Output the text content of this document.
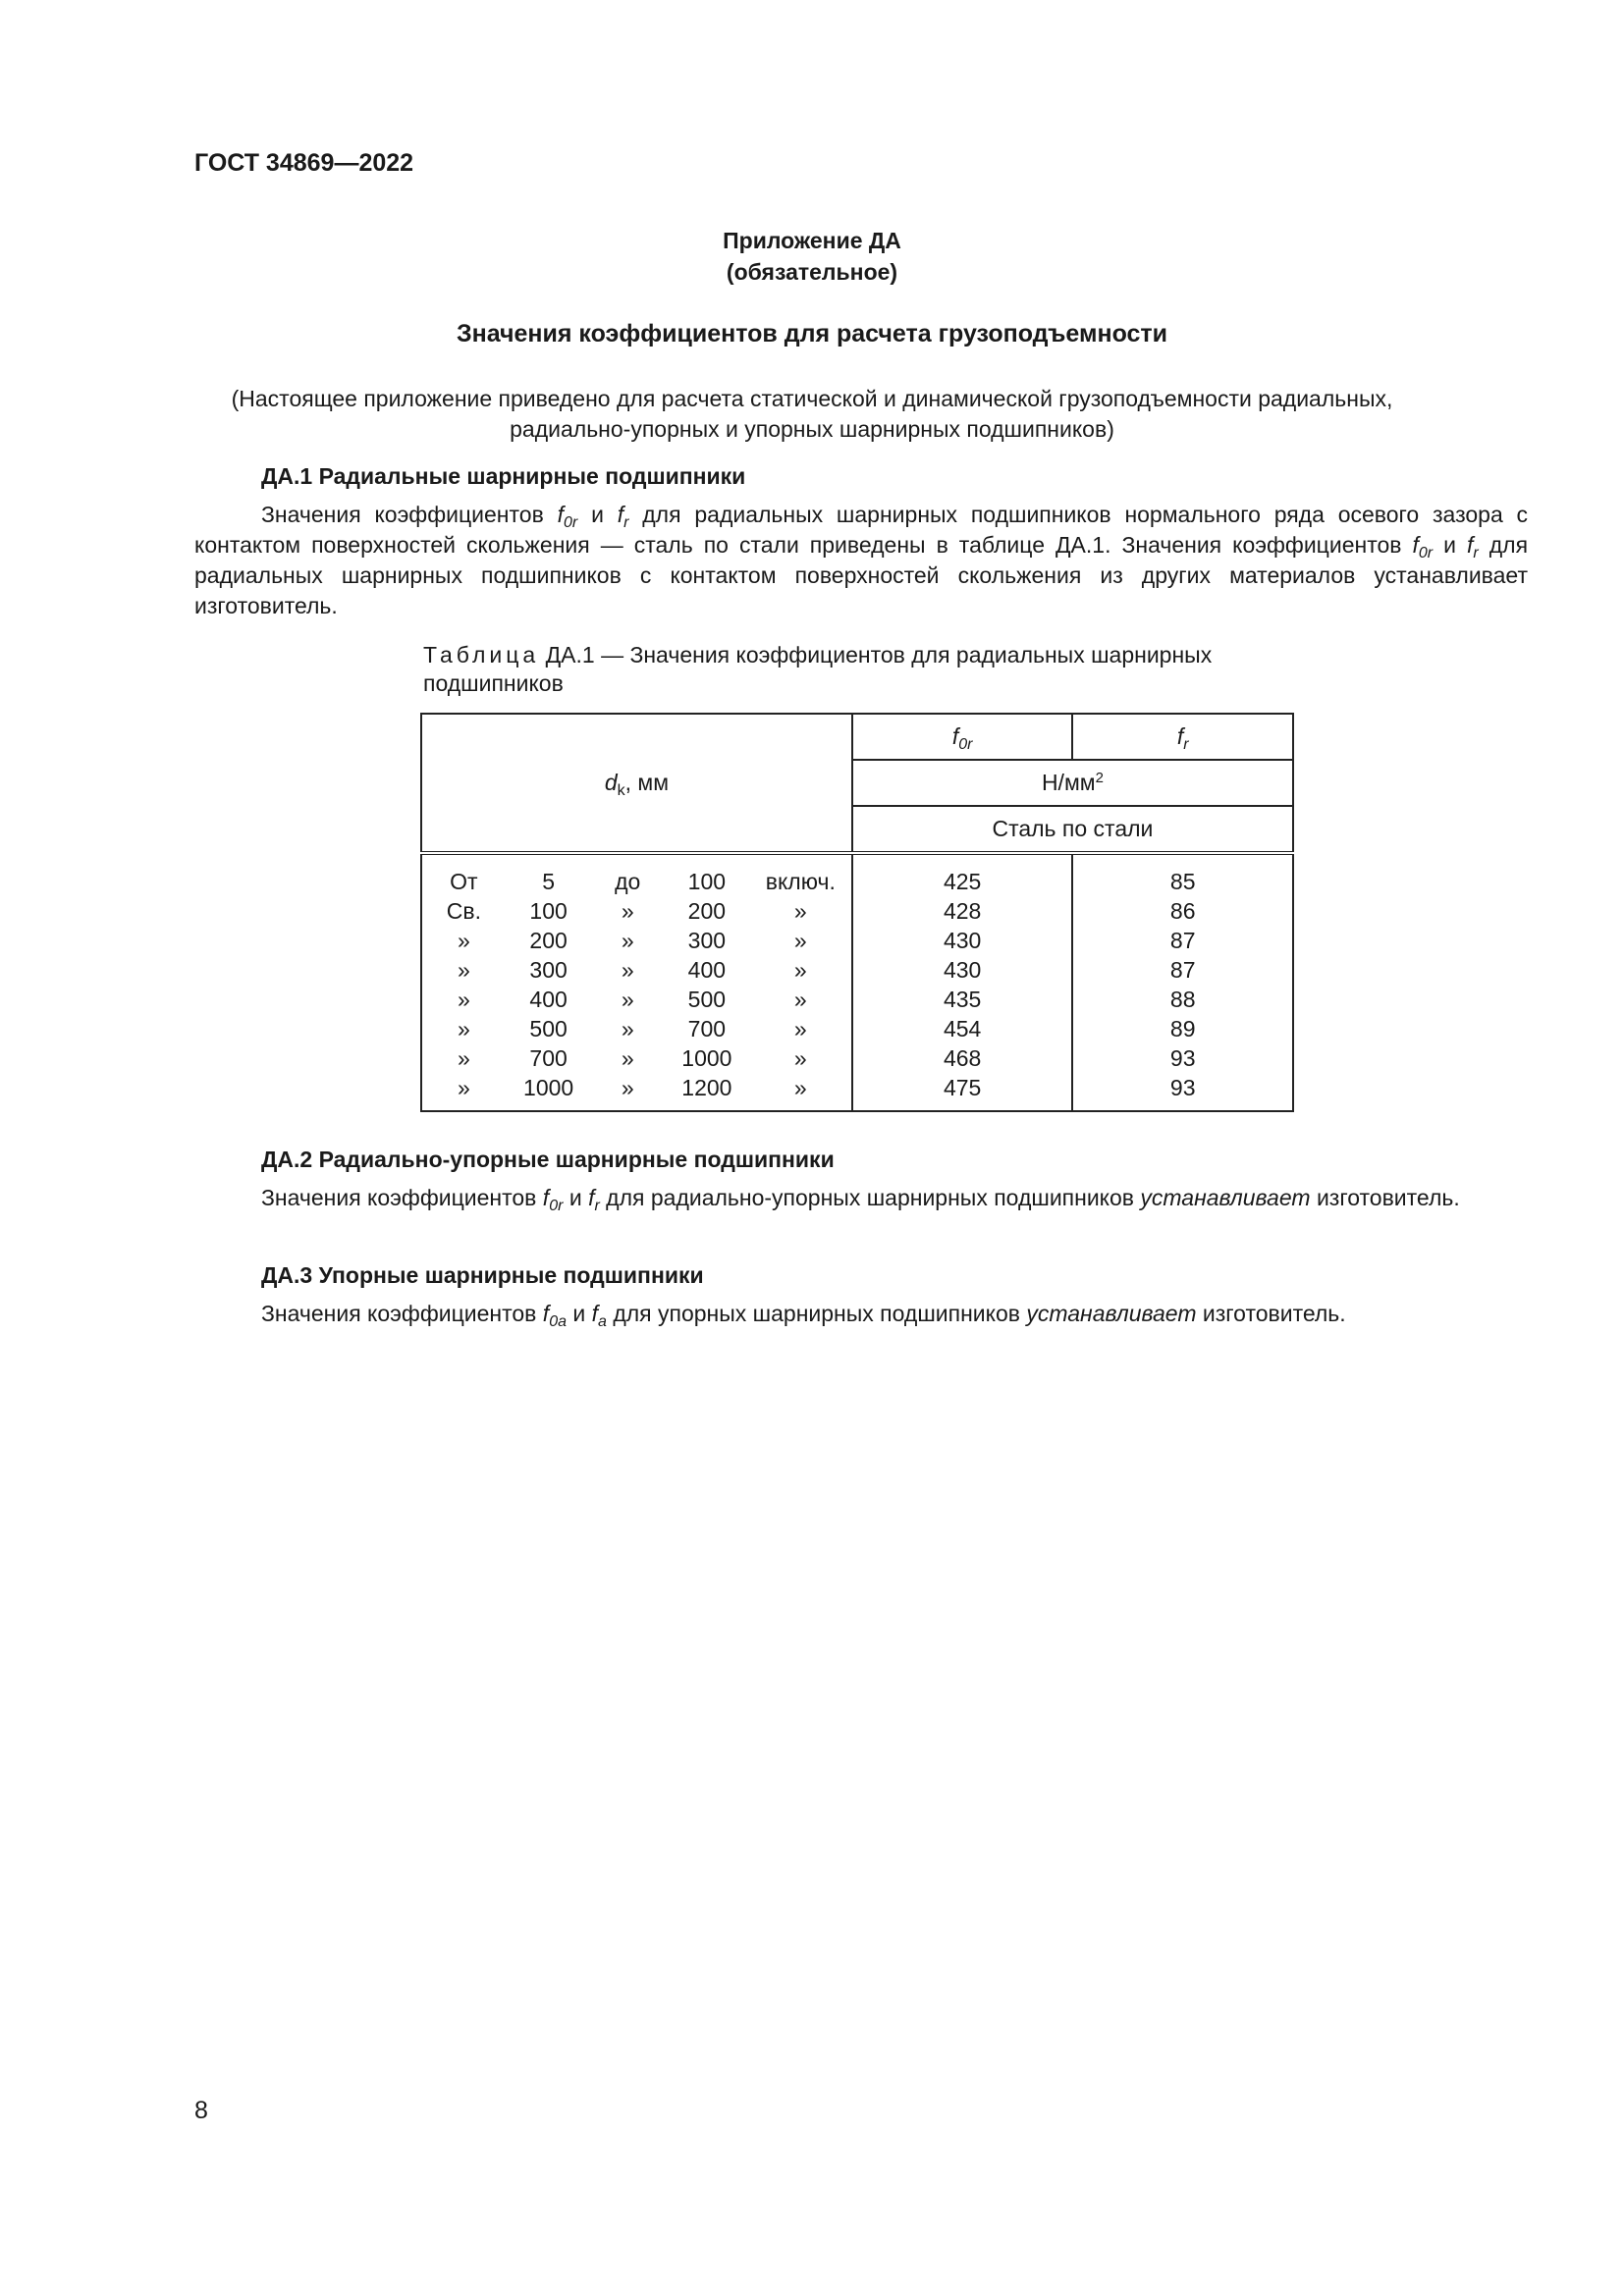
ГОСТ 34869—2022
Приложение ДА
(обязательное)
Значения коэффициентов для расчета грузоподъемности
(Настоящее приложение приведено для расчета статической и динамической грузоподъемности радиальных,
радиально-упорных и упорных шарнирных подшипников)
ДА.1 Радиальные шарнирные подшипники
Значения коэффициентов $f_{0r}$ и $f_r$ для радиальных шарнирных подшипников нормального ряда осевого зазора с контактом поверхностей скольжения — сталь по стали приведены в таблице ДА.1. Значения коэффициентов $f_{0r}$ и $f_r$ для радиальных шарнирных подшипников с контактом поверхностей скольжения из других материалов устанавливает изготовитель.
Таблица ДА.1 — Значения коэффициентов для радиальных шарнирных подшипников
$d_k$, мм					$f_{0r}$	$f_r$
					$Н/мм^2$
					Сталь по стали	
От	5	до	100	включ.	425	85
Св.	100	»	200	»	428	86
»	200	»	300	»	430	87
»	300	»	400	»	430	87
»	400	»	500	»	435	88
»	500	»	700	»	454	89
»	700	»	1000	»	468	93
»	1000	»	1200	»	475	93
ДА.2 Радиально-упорные шарнирные подшипники
Значения коэффициентов $f_{0r}$ и $f_r$ для радиально-упорных шарнирных подшипников устанавливает изготовитель.
ДА.3 Упорные шарнирные подшипники
Значения коэффициентов $f_{0a}$ и $f_a$ для упорных шарнирных подшипников устанавливает изготовитель.
8
